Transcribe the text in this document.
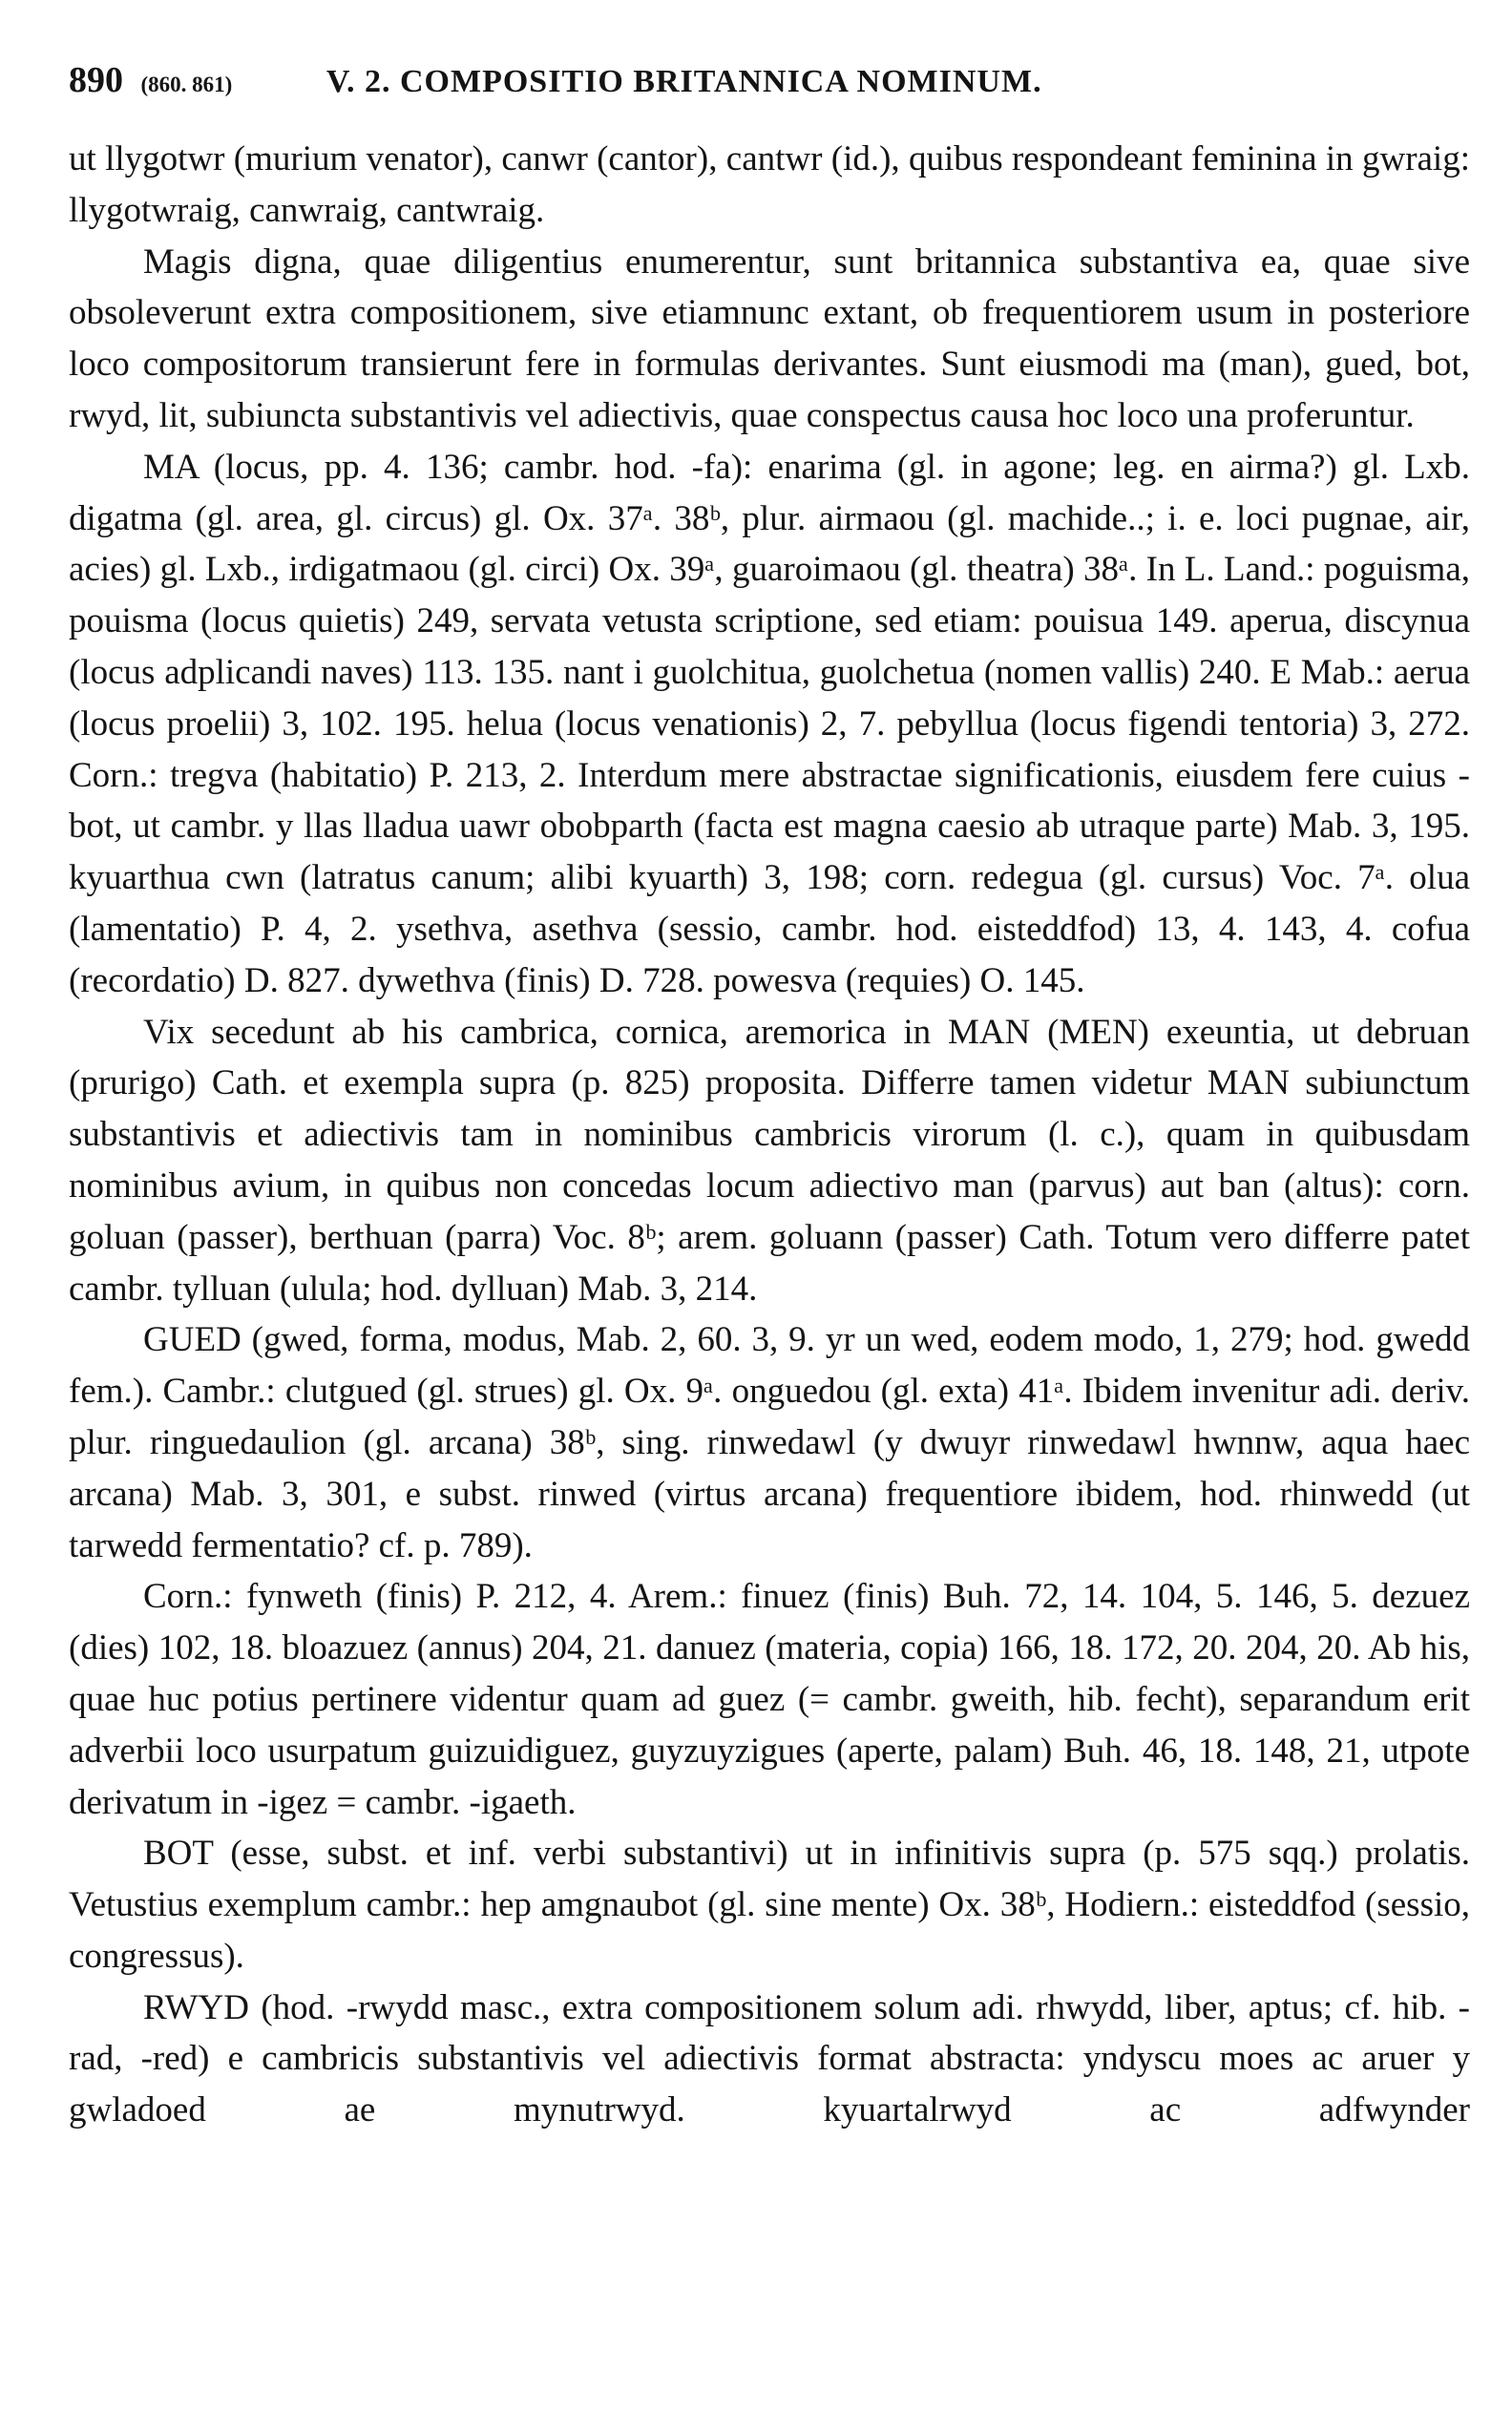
890 (860. 861)	V. 2. COMPOSITIO BRITANNICA NOMINUM.

ut llygotwr (murium venator), canwr (cantor), cantwr (id.), quibus respondeant feminina in gwraig: llygotwraig, canwraig, cantwraig.

Magis digna, quae diligentius enumerentur, sunt britannica substantiva ea, quae sive obsoleverunt extra compositionem, sive etiamnunc extant, ob frequentiorem usum in posteriore loco compositorum transierunt fere in formulas derivantes. Sunt eiusmodi ma (man), gued, bot, rwyd, lit, subiuncta substantivis vel adiectivis, quae conspectus causa hoc loco una proferuntur.

MA (locus, pp. 4. 136; cambr. hod. -fa): enarima (gl. in agone; leg. en airma?) gl. Lxb. digatma (gl. area, gl. circus) gl. Ox. 37ᵃ. 38ᵇ, plur. airmaou (gl. machide..; i. e. loci pugnae, air, acies) gl. Lxb., irdigatmaou (gl. circi) Ox. 39ᵃ, guaroimaou (gl. theatra) 38ᵃ. In L. Land.: poguisma, pouisma (locus quietis) 249, servata vetusta scriptione, sed etiam: pouisua 149. aperua, discynua (locus adplicandi naves) 113. 135. nant i guolchitua, guolchetua (nomen vallis) 240. E Mab.: aerua (locus proelii) 3, 102. 195. helua (locus venationis) 2, 7. pebyllua (locus figendi tentoria) 3, 272. Corn.: tregva (habitatio) P. 213, 2. Interdum mere abstractae significationis, eiusdem fere cuius -bot, ut cambr. y llas lladua uawr obobparth (facta est magna caesio ab utraque parte) Mab. 3, 195. kyuarthua cwn (latratus canum; alibi kyuarth) 3, 198; corn. redegua (gl. cursus) Voc. 7ᵃ. olua (lamentatio) P. 4, 2. ysethva, asethva (sessio, cambr. hod. eisteddfod) 13, 4. 143, 4. cofua (recordatio) D. 827. dywethva (finis) D. 728. powesva (requies) O. 145.

Vix secedunt ab his cambrica, cornica, aremorica in MAN (MEN) exeuntia, ut debruan (prurigo) Cath. et exempla supra (p. 825) proposita. Differre tamen videtur MAN subiunctum substantivis et adiectivis tam in nominibus cambricis virorum (l. c.), quam in quibusdam nominibus avium, in quibus non concedas locum adiectivo man (parvus) aut ban (altus): corn. goluan (passer), berthuan (parra) Voc. 8ᵇ; arem. goluann (passer) Cath. Totum vero differre patet cambr. tylluan (ulula; hod. dylluan) Mab. 3, 214.

GUED (gwed, forma, modus, Mab. 2, 60. 3, 9. yr un wed, eodem modo, 1, 279; hod. gwedd fem.). Cambr.: clutgued (gl. strues) gl. Ox. 9ᵃ. onguedou (gl. exta) 41ᵃ. Ibidem invenitur adi. deriv. plur. ringuedaulion (gl. arcana) 38ᵇ, sing. rinwedawl (y dwuyr rinwedawl hwnnw, aqua haec arcana) Mab. 3, 301, e subst. rinwed (virtus arcana) frequentiore ibidem, hod. rhinwedd (ut tarwedd fermentatio? cf. p. 789).

Corn.: fynweth (finis) P. 212, 4. Arem.: finuez (finis) Buh. 72, 14. 104, 5. 146, 5. dezuez (dies) 102, 18. bloazuez (annus) 204, 21. danuez (materia, copia) 166, 18. 172, 20. 204, 20. Ab his, quae huc potius pertinere videntur quam ad guez (= cambr. gweith, hib. fecht), separandum erit adverbii loco usurpatum guizuidiguez, guyzuyzigues (aperte, palam) Buh. 46, 18. 148, 21, utpote derivatum in -igez = cambr. -igaeth.

BOT (esse, subst. et inf. verbi substantivi) ut in infinitivis supra (p. 575 sqq.) prolatis. Vetustius exemplum cambr.: hep amgnaubot (gl. sine mente) Ox. 38ᵇ, Hodiern.: eisteddfod (sessio, congressus).

RWYD (hod. -rwydd masc., extra compositionem solum adi. rhwydd, liber, aptus; cf. hib. -rad, -red) e cambricis substantivis vel adiectivis format abstracta: yndyscu moes ac aruer y gwladoed ae mynutrwyd. kyuartalrwyd ac adfwynder
